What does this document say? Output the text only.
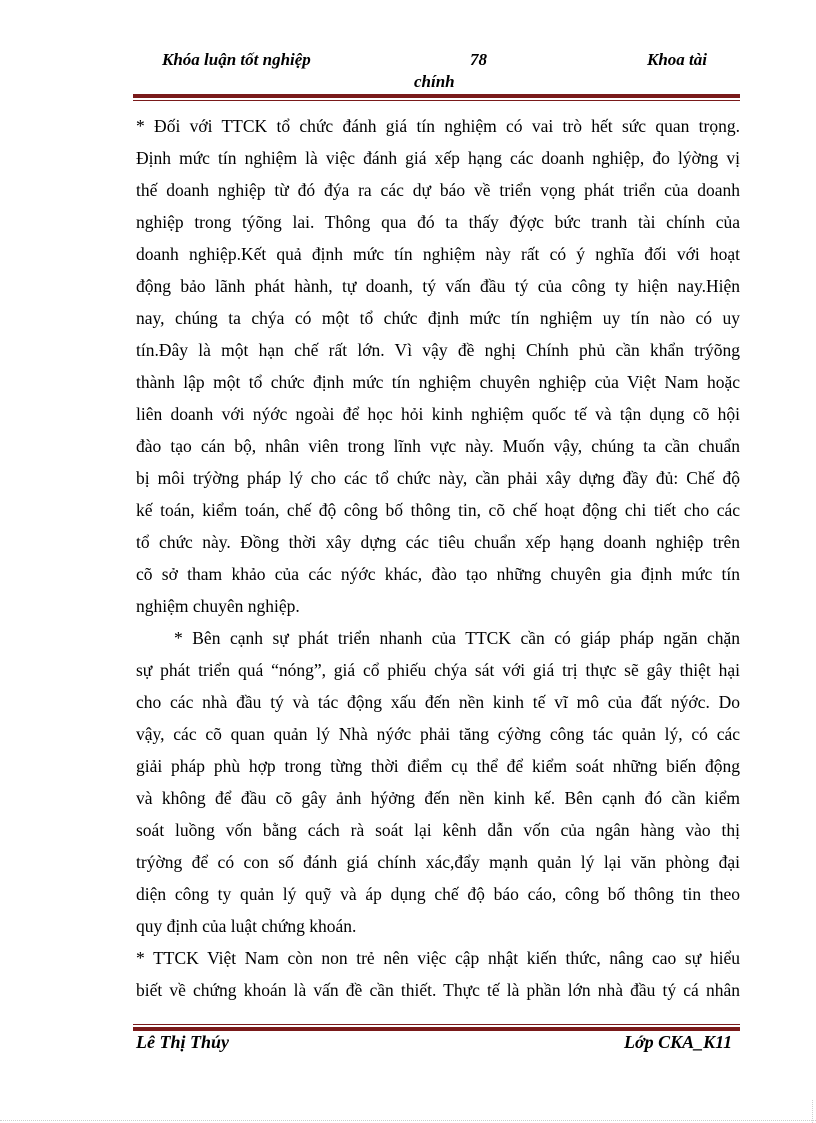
Khóa luận tốt nghiệp	78	Khoa tài
chính
* Đối với TTCK tổ chức đánh giá tín nghiệm có vai trò hết sức quan trọng.
Định mức tín nghiệm là việc đánh giá xếp hạng các doanh nghiệp, đo lýờng vị
thế doanh nghiệp từ đó đýa ra các dự báo về triển vọng phát triển của doanh
nghiệp trong týõng lai. Thông qua đó ta thấy đýợc bức tranh tài chính của
doanh nghiệp.Kết quả định mức tín nghiệm này rất có ý nghĩa đối với hoạt
động bảo lãnh phát hành, tự doanh, tý vấn đầu tý của công ty hiện nay.Hiện
nay, chúng ta chýa có một tổ chức định mức tín nghiệm uy tín nào có uy
tín.Đây là một hạn chế rất lớn. Vì vậy đề nghị Chính phủ cần khẩn trýõng
thành lập một tổ chức định mức tín nghiệm chuyên nghiệp của Việt Nam hoặc
liên doanh với nýớc ngoài để học hỏi kinh nghiệm quốc tế và tận dụng cõ hội
đào tạo cán bộ, nhân viên trong lĩnh vực này. Muốn vậy, chúng ta cần chuẩn
bị môi trýờng pháp lý cho các tổ chức này, cần phải xây dựng đầy đủ: Chế độ
kế toán, kiểm toán, chế độ công bố thông tin, cõ chế hoạt động chi tiết cho các
tổ chức này. Đồng thời xây dựng các tiêu chuẩn xếp hạng doanh nghiệp trên
cõ sở tham khảo của các nýớc khác, đào tạo những chuyên gia định mức tín
nghiệm chuyên nghiệp.
* Bên cạnh sự phát triển nhanh của TTCK cần có giáp pháp ngăn chặn
sự phát triển quá “nóng”, giá cổ phiếu chýa sát với giá trị thực sẽ gây thiệt hại
cho các nhà đầu tý và tác động xấu đến nền kinh tế vĩ mô của đất nýớc. Do
vậy, các cõ quan quản lý Nhà nýớc phải tăng cýờng công tác quản lý, có các
giải pháp phù hợp trong từng thời điểm cụ thể để kiểm soát những biến động
và không để đầu cõ gây ảnh hýởng đến nền kinh kế. Bên cạnh đó cần kiểm
soát luồng vốn bằng cách rà soát lại kênh dẫn vốn của ngân hàng vào thị
trýờng để có con số đánh giá chính xác,đẩy mạnh quản lý lại văn phòng đại
diện công ty quản lý quỹ và áp dụng chế độ báo cáo, công bố thông tin theo
quy định của luật chứng khoán.
* TTCK Việt Nam còn non trẻ nên việc cập nhật kiến thức, nâng cao sự hiểu
biết về chứng khoán là vấn đề cần thiết. Thực tế là phần lớn nhà đầu tý cá nhân
Lê Thị Thúy	Lớp CKA_K11
